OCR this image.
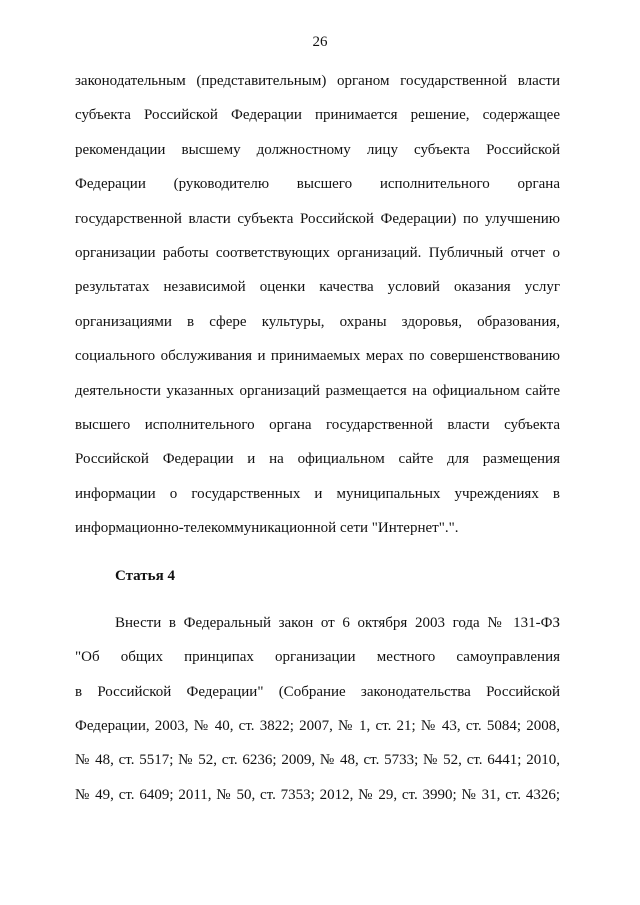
26
законодательным (представительным) органом государственной власти
субъекта Российской Федерации принимается решение, содержащее
рекомендации высшему должностному лицу субъекта Российской
Федерации (руководителю высшего исполнительного органа
государственной власти субъекта Российской Федерации) по улучшению
организации работы соответствующих организаций. Публичный отчет о
результатах независимой оценки качества условий оказания услуг
организациями в сфере культуры, охраны здоровья, образования,
социального обслуживания и принимаемых мерах по совершенствованию
деятельности указанных организаций размещается на официальном сайте
высшего исполнительного органа государственной власти субъекта
Российской Федерации и на официальном сайте для размещения
информации о государственных и муниципальных учреждениях в
информационно-телекоммуникационной сети "Интернет".".
Статья 4
Внести в Федеральный закон от 6 октября 2003 года № 131-ФЗ
"Об общих принципах организации местного самоуправления
в Российской Федерации" (Собрание законодательства Российской
Федерации, 2003, № 40, ст. 3822; 2007, № 1, ст. 21; № 43, ст. 5084; 2008,
№ 48, ст. 5517; № 52, ст. 6236; 2009, № 48, ст. 5733; № 52, ст. 6441; 2010,
№ 49, ст. 6409; 2011, № 50, ст. 7353; 2012, № 29, ст. 3990; № 31, ст. 4326;
